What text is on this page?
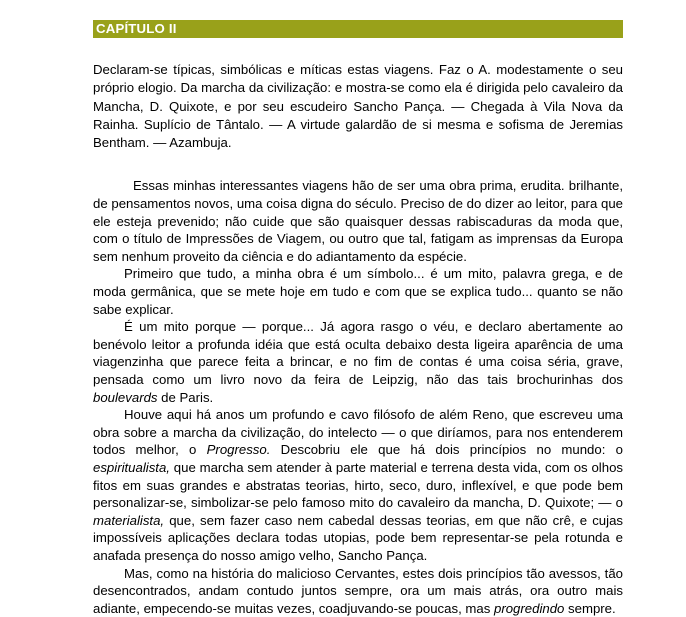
CAPÍTULO II

Declaram-se típicas, simbólicas e míticas estas viagens. Faz o A. modestamente o seu próprio elogio. Da marcha da civilização: e mostra-se como ela é dirigida pelo cavaleiro da Mancha, D. Quixote, e por seu escudeiro Sancho Pança. — Chegada à Vila Nova da Rainha. Suplício de Tântalo. — A virtude galardão de si mesma e sofisma de Jeremias Bentham. — Azambuja.

Essas minhas interessantes viagens hão de ser uma obra prima, erudita. brilhante, de pensamentos novos, uma coisa digna do século. Preciso de do dizer ao leitor, para que ele esteja prevenido; não cuide que são quaisquer dessas rabiscaduras da moda que, com o título de Impressões de Viagem, ou outro que tal, fatigam as imprensas da Europa sem nenhum proveito da ciência e do adiantamento da espécie.

Primeiro que tudo, a minha obra é um símbolo... é um mito, palavra grega, e de moda germânica, que se mete hoje em tudo e com que se explica tudo... quanto se não sabe explicar.

É um mito porque — porque... Já agora rasgo o véu, e declaro abertamente ao benévolo leitor a profunda idéia que está oculta debaixo desta ligeira aparência de uma viagenzinha que parece feita a brincar, e no fim de contas é uma coisa séria, grave, pensada como um livro novo da feira de Leipzig, não das tais brochurinhas dos boulevards de Paris.

Houve aqui há anos um profundo e cavo filósofo de além Reno, que escreveu uma obra sobre a marcha da civilização, do intelecto — o que diríamos, para nos entenderem todos melhor, o Progresso. Descobriu ele que há dois princípios no mundo: o espiritualista, que marcha sem atender à parte material e terrena desta vida, com os olhos fitos em suas grandes e abstratas teorias, hirto, seco, duro, inflexível, e que pode bem personalizar-se, simbolizar-se pelo famoso mito do cavaleiro da mancha, D. Quixote; — o materialista, que, sem fazer caso nem cabedal dessas teorias, em que não crê, e cujas impossíveis aplicações declara todas utopias, pode bem representar-se pela rotunda e anafada presença do nosso amigo velho, Sancho Pança.

Mas, como na história do malicioso Cervantes, estes dois princípios tão avessos, tão desencontrados, andam contudo juntos sempre, ora um mais atrás, ora outro mais adiante, empecendo-se muitas vezes, coadjuvando-se poucas, mas progredindo sempre.
